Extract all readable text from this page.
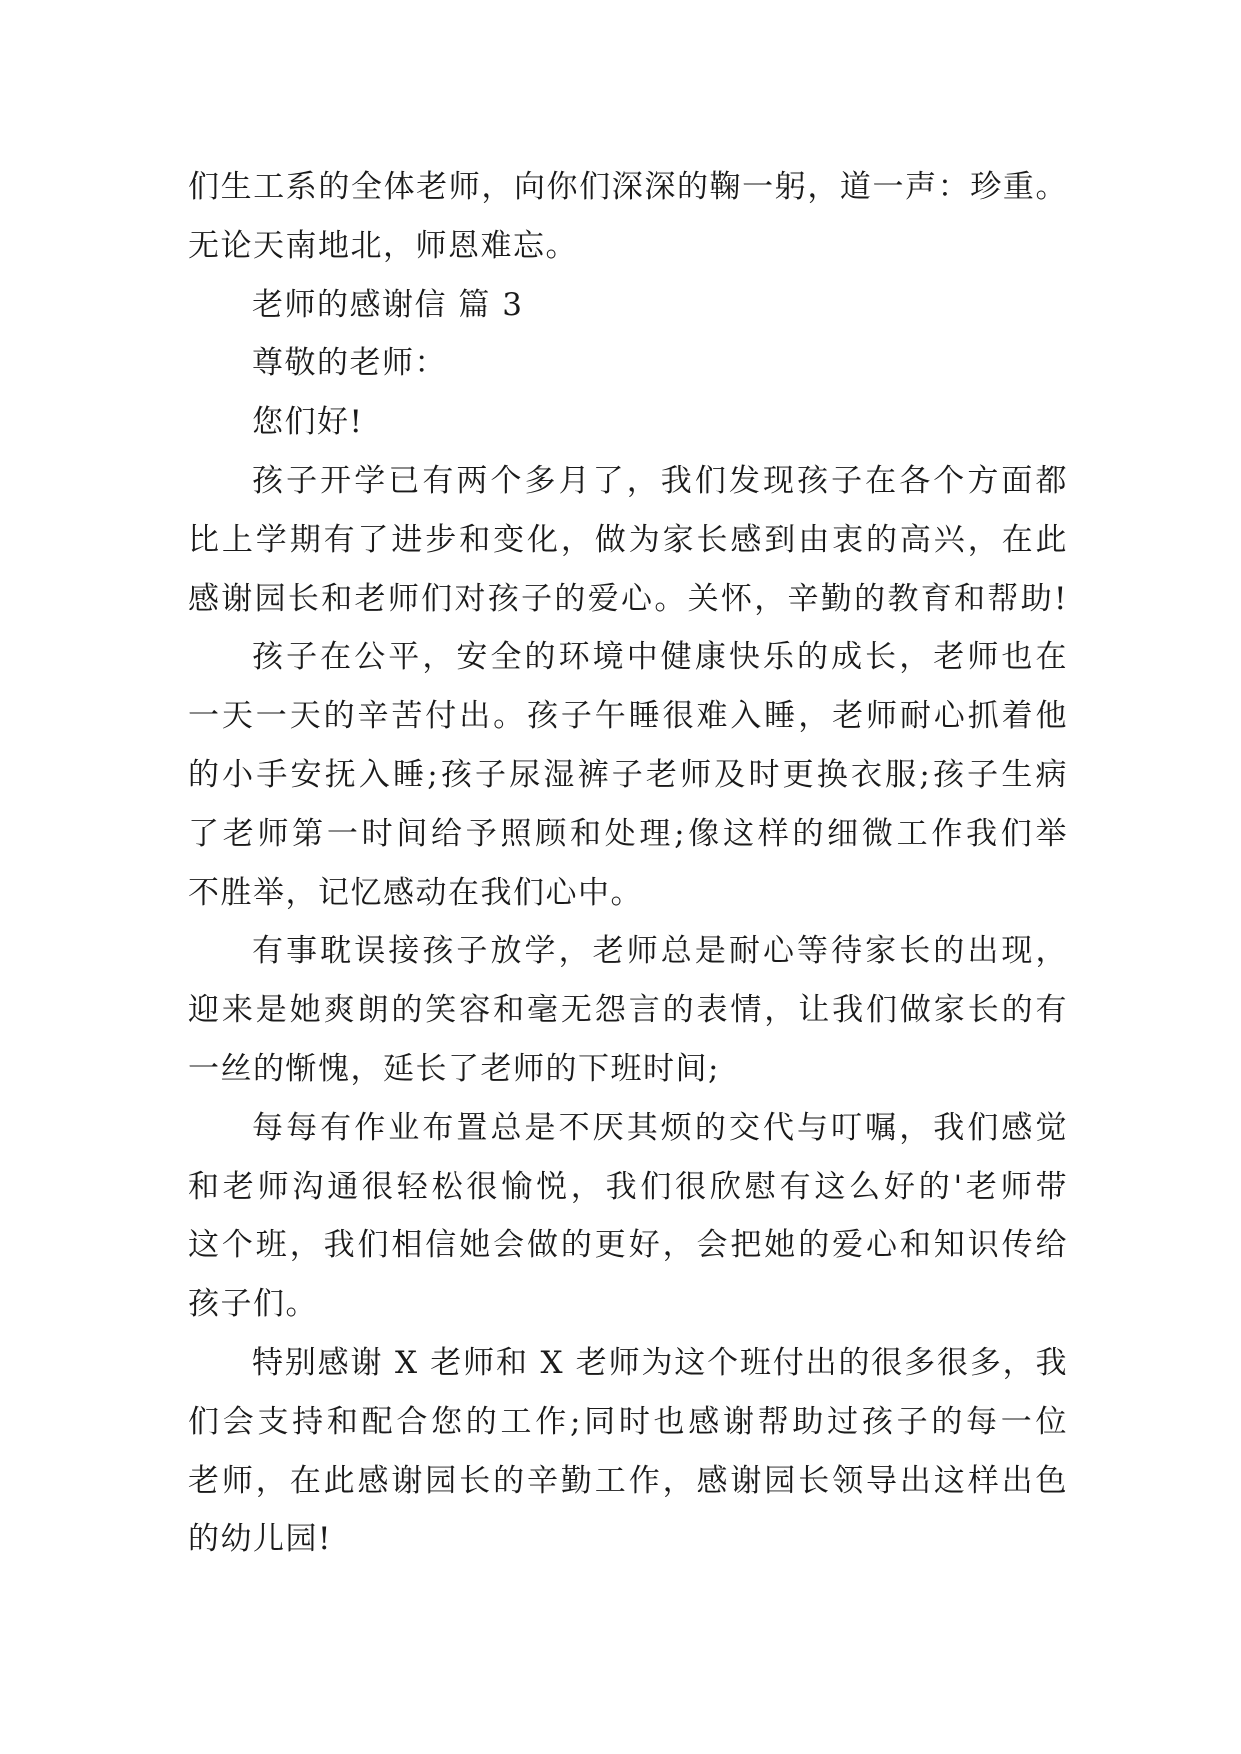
们生工系的全体老师，向你们深深的鞠一躬，道一声：珍重。
无论天南地北，师恩难忘。
老师的感谢信 篇 3
尊敬的老师：
您们好!
孩子开学已有两个多月了，我们发现孩子在各个方面都
比上学期有了进步和变化，做为家长感到由衷的高兴，在此
感谢园长和老师们对孩子的爱心。关怀，辛勤的教育和帮助!
孩子在公平，安全的环境中健康快乐的成长，老师也在
一天一天的辛苦付出。孩子午睡很难入睡，老师耐心抓着他
的小手安抚入睡;孩子尿湿裤子老师及时更换衣服;孩子生病
了老师第一时间给予照顾和处理;像这样的细微工作我们举
不胜举，记忆感动在我们心中。
有事耽误接孩子放学，老师总是耐心等待家长的出现，
迎来是她爽朗的笑容和毫无怨言的表情，让我们做家长的有
一丝的惭愧，延长了老师的下班时间;
每每有作业布置总是不厌其烦的交代与叮嘱，我们感觉
和老师沟通很轻松很愉悦，我们很欣慰有这么好的'老师带
这个班，我们相信她会做的更好，会把她的爱心和知识传给
孩子们。
特别感谢 X 老师和 X 老师为这个班付出的很多很多，我
们会支持和配合您的工作;同时也感谢帮助过孩子的每一位
老师，在此感谢园长的辛勤工作，感谢园长领导出这样出色
的幼儿园!
